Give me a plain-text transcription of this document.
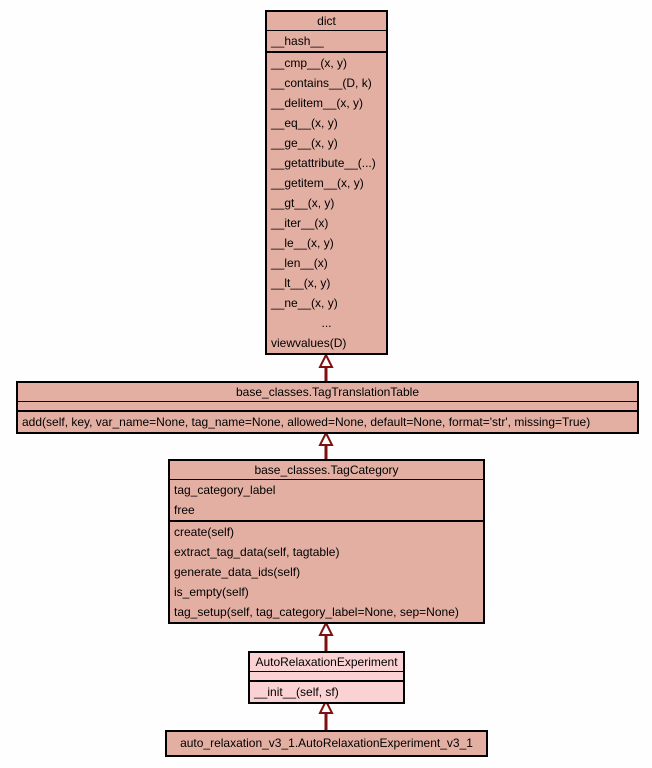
dict
__hash__
__cmp__(x, y)
__contains__(D, k)
__delitem__(x, y)
__eq__(x, y)
__ge__(x, y)
__getattribute__(...)
__getitem__(x, y)
__gt__(x, y)
__iter__(x)
__le__(x, y)
__len__(x)
__lt__(x, y)
__ne__(x, y)
...
viewvalues(D)
base_classes.TagTranslationTable
add(self, key, var_name=None, tag_name=None, allowed=None, default=None, format='str', missing=True)
base_classes.TagCategory
tag_category_label
free
create(self)
extract_tag_data(self, tagtable)
generate_data_ids(self)
is_empty(self)
tag_setup(self, tag_category_label=None, sep=None)
AutoRelaxationExperiment
__init__(self, sf)
auto_relaxation_v3_1.AutoRelaxationExperiment_v3_1
